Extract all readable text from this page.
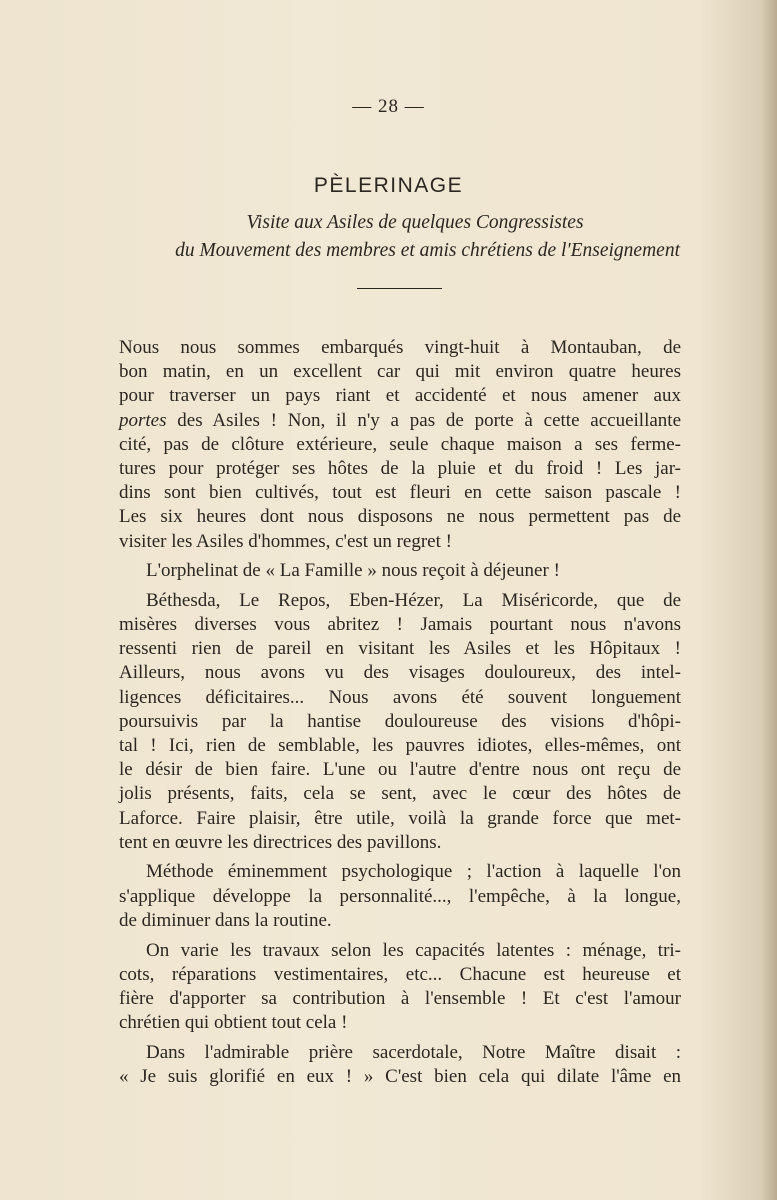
— 28 —
PÈLERINAGE
Visite aux Asiles de quelques Congressistes
du Mouvement des membres et amis chrétiens de l'Enseignement
Nous nous sommes embarqués vingt-huit à Montauban, de
bon matin, en un excellent car qui mit environ quatre heures
pour traverser un pays riant et accidenté et nous amener aux
portes des Asiles ! Non, il n'y a pas de porte à cette accueillante
cité, pas de clôture extérieure, seule chaque maison a ses ferme-
tures pour protéger ses hôtes de la pluie et du froid ! Les jar-
dins sont bien cultivés, tout est fleuri en cette saison pascale !
Les six heures dont nous disposons ne nous permettent pas de
visiter les Asiles d'hommes, c'est un regret !
L'orphelinat de « La Famille » nous reçoit à déjeuner !
Béthesda, Le Repos, Eben-Hézer, La Miséricorde, que de
misères diverses vous abritez ! Jamais pourtant nous n'avons
ressenti rien de pareil en visitant les Asiles et les Hôpitaux !
Ailleurs, nous avons vu des visages douloureux, des intel-
ligences déficitaires... Nous avons été souvent longuement
poursuivis par la hantise douloureuse des visions d'hôpi-
tal ! Ici, rien de semblable, les pauvres idiotes, elles-mêmes, ont
le désir de bien faire. L'une ou l'autre d'entre nous ont reçu de
jolis présents, faits, cela se sent, avec le cœur des hôtes de
Laforce. Faire plaisir, être utile, voilà la grande force que met-
tent en œuvre les directrices des pavillons.
Méthode éminemment psychologique ; l'action à laquelle l'on
s'applique développe la personnalité..., l'empêche, à la longue,
de diminuer dans la routine.
On varie les travaux selon les capacités latentes : ménage, tri-
cots, réparations vestimentaires, etc... Chacune est heureuse et
fière d'apporter sa contribution à l'ensemble ! Et c'est l'amour
chrétien qui obtient tout cela !
Dans l'admirable prière sacerdotale, Notre Maître disait :
« Je suis glorifié en eux ! » C'est bien cela qui dilate l'âme en
